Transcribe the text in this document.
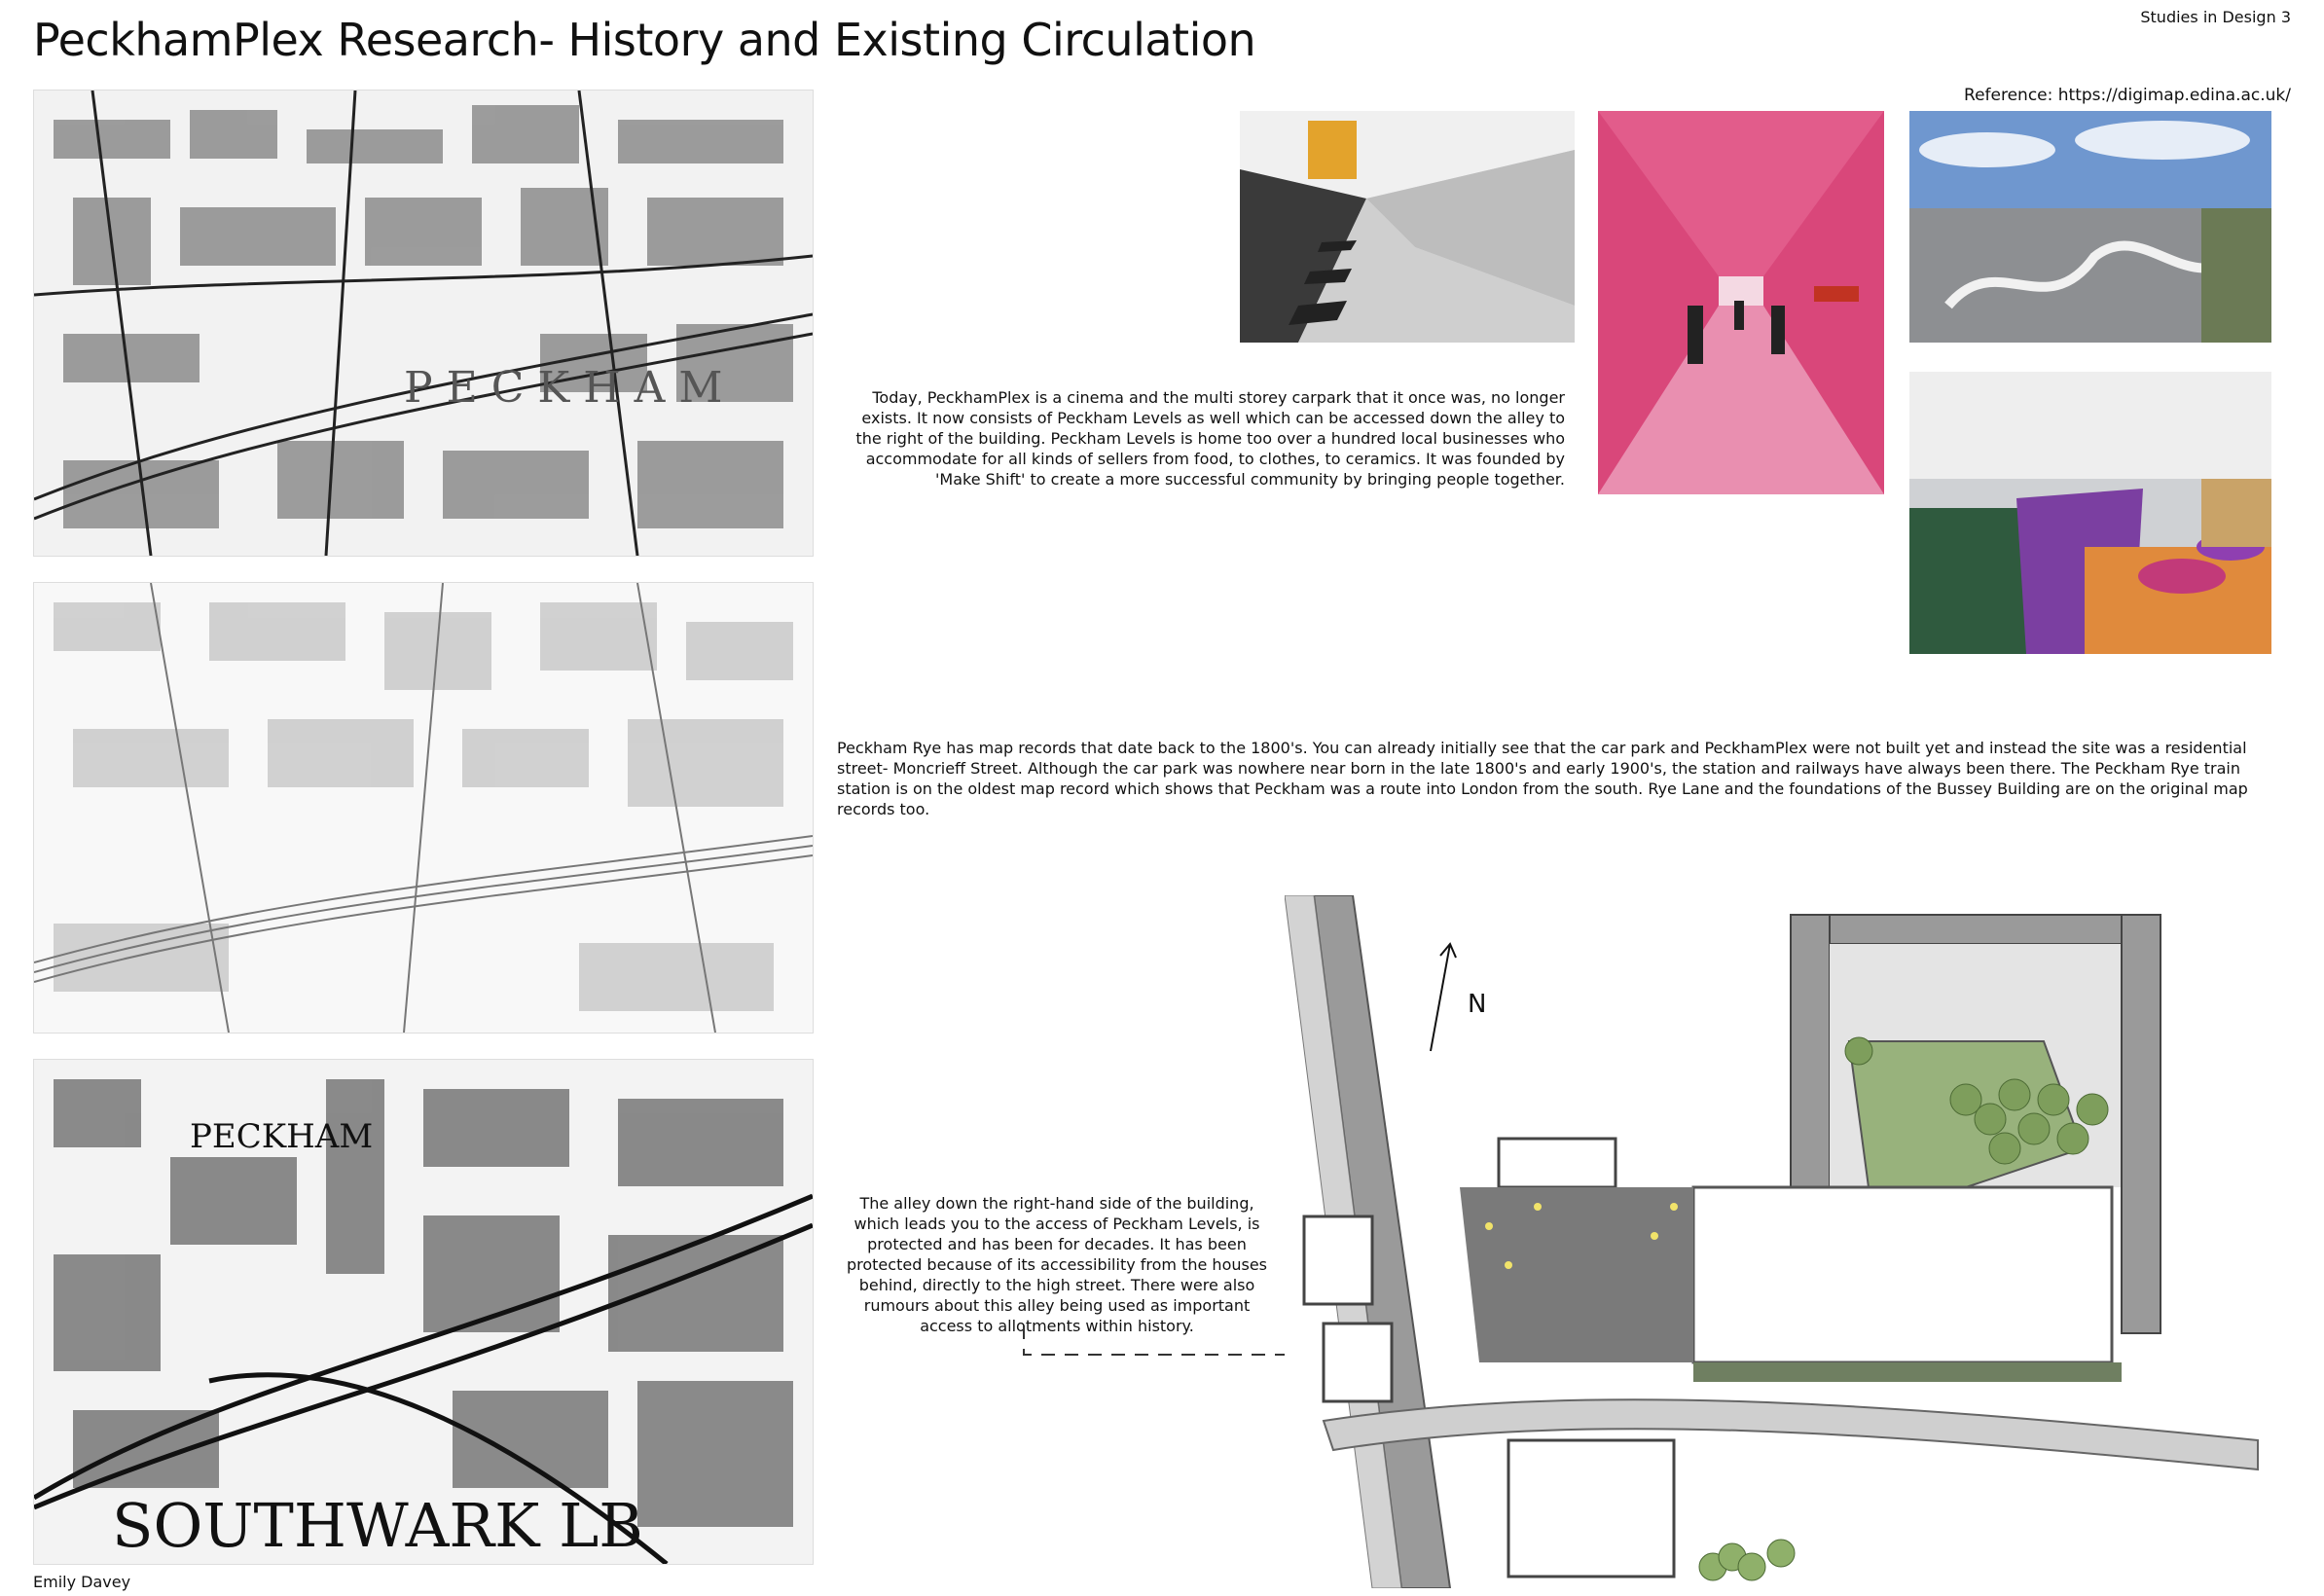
PeckhamPlex Research- History and Existing Circulation	Studies in Design 3
Reference: https://digimap.edina.ac.uk/
PECKHAM
PECKHAM
SOUTHWARK LB
Today, PeckhamPlex is a cinema and the multi storey carpark that it once was, no longer exists. It now consists of Peckham Levels as well which can be accessed down the alley to the right of the building. Peckham Levels is home too over a hundred local businesses who accommodate for all kinds of sellers from food, to clothes, to ceramics. It was founded by 'Make Shift' to create a more successful community by bringing people together.
Peckham Rye has map records that date back to the 1800's. You can already initially see that the car park and PeckhamPlex were not built yet and instead the site was a residential street- Moncrieff Street. Although the car park was nowhere near born in the late 1800's and early 1900's, the station and railways have always been there. The Peckham Rye train station is on the oldest map record which shows that Peckham was a route into London from the south. Rye Lane and the foundations of the Bussey Building are on the original map records too.
The alley down the right-hand side of the building, which leads you to the access of Peckham Levels, is protected and has been for decades. It has been protected because of its accessibility from the houses behind, directly to the high street. There were also rumours about this alley being used as important access to allotments within history.
N
Emily Davey
